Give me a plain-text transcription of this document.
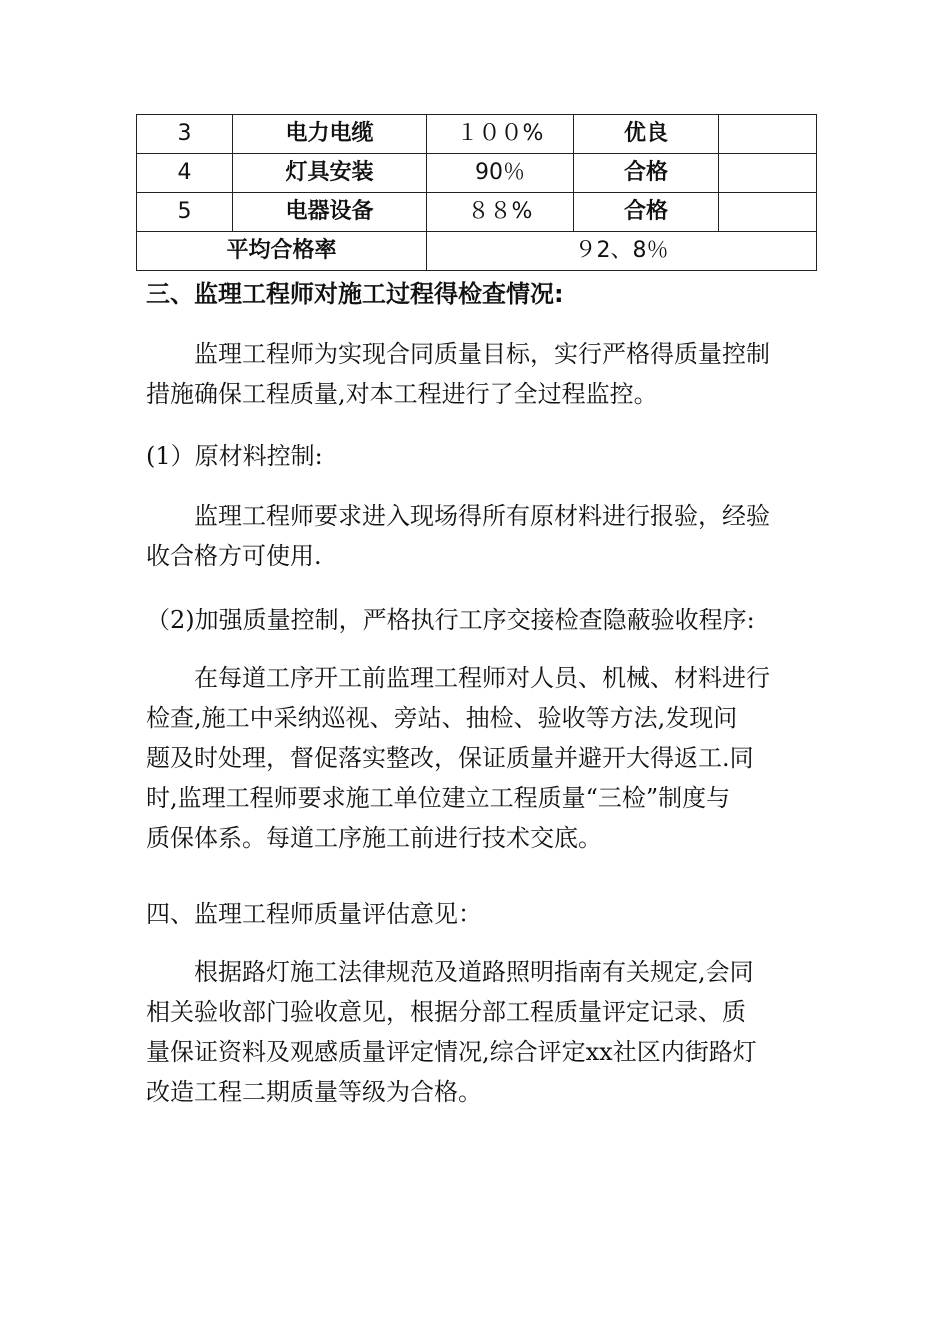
3	电力电缆	１００%	优良	
4	灯具安装	90％	合格	
5	电器设备	８８%	合格	
平均合格率		９2、8％		

三、监理工程师对施工过程得检查情况:

监理工程师为实现合同质量目标，实行严格得质量控制
措施确保工程质量,对本工程进行了全过程监控。

(1）原材料控制:

监理工程师要求进入现场得所有原材料进行报验，经验
收合格方可使用.

（2)加强质量控制，严格执行工序交接检查隐蔽验收程序:

在每道工序开工前监理工程师对人员、机械、材料进行
检查,施工中采纳巡视、旁站、抽检、验收等方法,发现问
题及时处理，督促落实整改，保证质量并避开大得返工.同
时,监理工程师要求施工单位建立工程质量“三检”制度与
质保体系。每道工序施工前进行技术交底。

四、监理工程师质量评估意见：

根据路灯施工法律规范及道路照明指南有关规定,会同
相关验收部门验收意见，根据分部工程质量评定记录、质
量保证资料及观感质量评定情况,综合评定xx社区内街路灯
改造工程二期质量等级为合格。
